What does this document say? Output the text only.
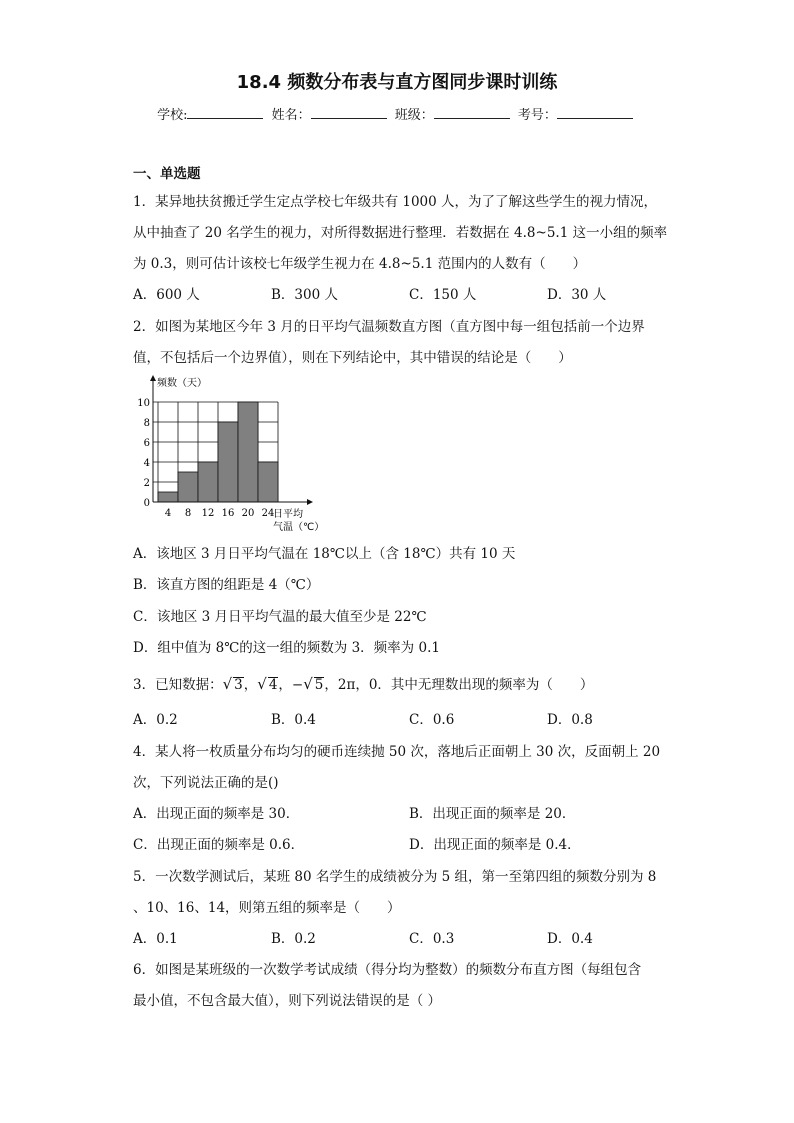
18.4 频数分布表与直方图同步课时训练
学校:	姓名：	班级：	考号：
一、单选题
1．某异地扶贫搬迁学生定点学校七年级共有 1000 人，为了了解这些学生的视力情况，
从中抽查了 20 名学生的视力，对所得数据进行整理．若数据在 4.8~5.1 这一小组的频率
为 0.3，则可估计该校七年级学生视力在 4.8~5.1 范围内的人数有（　　）
A．600 人	B．300 人	C．150 人	D．30 人
2．如图为某地区今年 3 月的日平均气温频数直方图（直方图中每一组包括前一个边界
值，不包括后一个边界值），则在下列结论中，其中错误的结论是（　　）
频数（天）
日平均
气温（℃）
4 8 12 16 20 24
0
2
4
6
8
10
A．该地区 3 月日平均气温在 18℃以上（含 18℃）共有 10 天
B．该直方图的组距是 4（℃）
C．该地区 3 月日平均气温的最大值至少是 22℃
D．组中值为 8℃的这一组的频数为 3．频率为 0.1
3．已知数据：√ 3，√ 4，−√ 5，2π，0．其中无理数出现的频率为（　　）
A．0.2	B．0.4	C．0.6	D．0.8
4．某人将一枚质量分布均匀的硬币连续抛 50 次，落地后正面朝上 30 次，反面朝上 20
次，下列说法正确的是()
A．出现正面的频率是 30．	B．出现正面的频率是 20．
C．出现正面的频率是 0.6．	D．出现正面的频率是 0.4．
5．一次数学测试后，某班 80 名学生的成绩被分为 5 组，第一至第四组的频数分别为 8
、10、16、14，则第五组的频率是（　　）
A．0.1	B．0.2	C．0.3	D．0.4
6．如图是某班级的一次数学考试成绩（得分均为整数）的频数分布直方图（每组包含
最小值，不包含最大值），则下列说法错误的是（ ）
